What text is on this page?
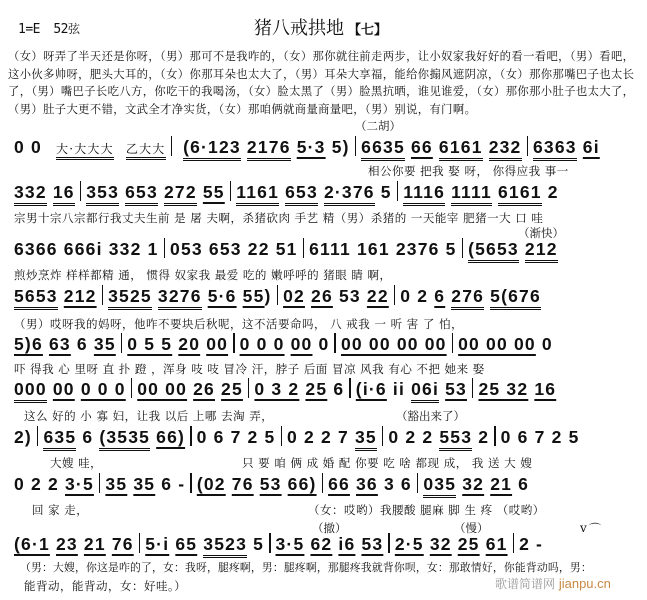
1=E 52弦	猪八戒拱地 【七】
（女）呀弄了半天还是你呀，（男）那可不是我咋的，（女）那你就往前走两步，让小奴家我好好的看一看吧，（男）看吧，这小伙多帅呀，肥头大耳的，（女）你那耳朵也太大了，（男）耳朵大享福，能给你搧风遮阴凉，（女）那你那嘴巴子也太长了，（男）嘴巴子长吃八方，你吃干的我喝汤，（女）脸太黑了（男）脸黑抗晒，谁见谁爱，（女）那你那小肚子也太大了，（男）肚子大更不错，文武全才净实货，（女）那咱俩就商量商量吧，（男）别说，有门啊。
（二胡）
0 0 大·大大大 乙大大 (6·123 2176 5·3 5) 6635 66 6161 232 6363 6i
相公你要 把我 娶 呀， 你得应我 事一
332 16 353 653 272 55 1161 653 2·376 5 1116 1111 6161 2
宗男十宗八宗都行我丈夫生前 是 屠 夫啊，杀猪砍肉 手艺 精（男）杀猪的 一天能宰 肥猪一大 口 哇
（渐快）
6366 666i 332 1 053 653 22 51 6111 161 2376 5 (5653 212
煎炒烹炸 样样都精 通， 惯得 奴家我 最爱 吃的 嫩呼呼的 猪眼 睛 啊，
5653 212 3525 3276 5·6 55) 02 26 53 22 0 2 6 276 5(676
（男）哎呀我的妈呀，他咋不要块后秋呢，这不活要命吗， 八 戒我 一 听 害 了 怕，
5)6 63 6 35 0 5 5 20 00 0 0 0 00 0 00 00 00 00 00 00 00 0
吓 得我 心 里呀 直 扑 蹬 ，浑身 吱 吱 冒冷 汗，脖子 后面 冒凉 风我 有心 不把 她来 娶
000 00 0 0 0 00 00 26 25 0 3 2 25 6 (i·6 ii 06i 53 25 32 16
这么 好的 小 寡 妇，让我 以后 上哪 去淘 弄，	（豁出来了）
2) 635 6 (3535 66) 0 6 7 2 5 0 2 2 7 35 0 2 2 553 2 0 6 7 2 5
大嫂 哇，	只 要 咱 俩 成 婚 配 你要 吃 啥 都现 成， 我 送 大 嫂
0 2 2 3·5 35 35 6 - (02 76 53 66) 66 36 3 6 035 32 21 6
回 家 走，	（女：哎哟）我腰酸 腿麻 脚 生 疼 （哎哟）
（撤）	（慢）	v ⌒
(6·1 23 21 76 5·i 65 3523 5 3·5 62 i6 53 2·5 32 25 61 2 -
（男：大嫂，你这是咋的了，女：我呀，腿疼啊，男：腿疼啊，那腿疼我就背你呗，女：那敢情好，你能背动吗，男：
能背动，能背动，女：好哇。）	歌谱简谱网 jianpu.cn
